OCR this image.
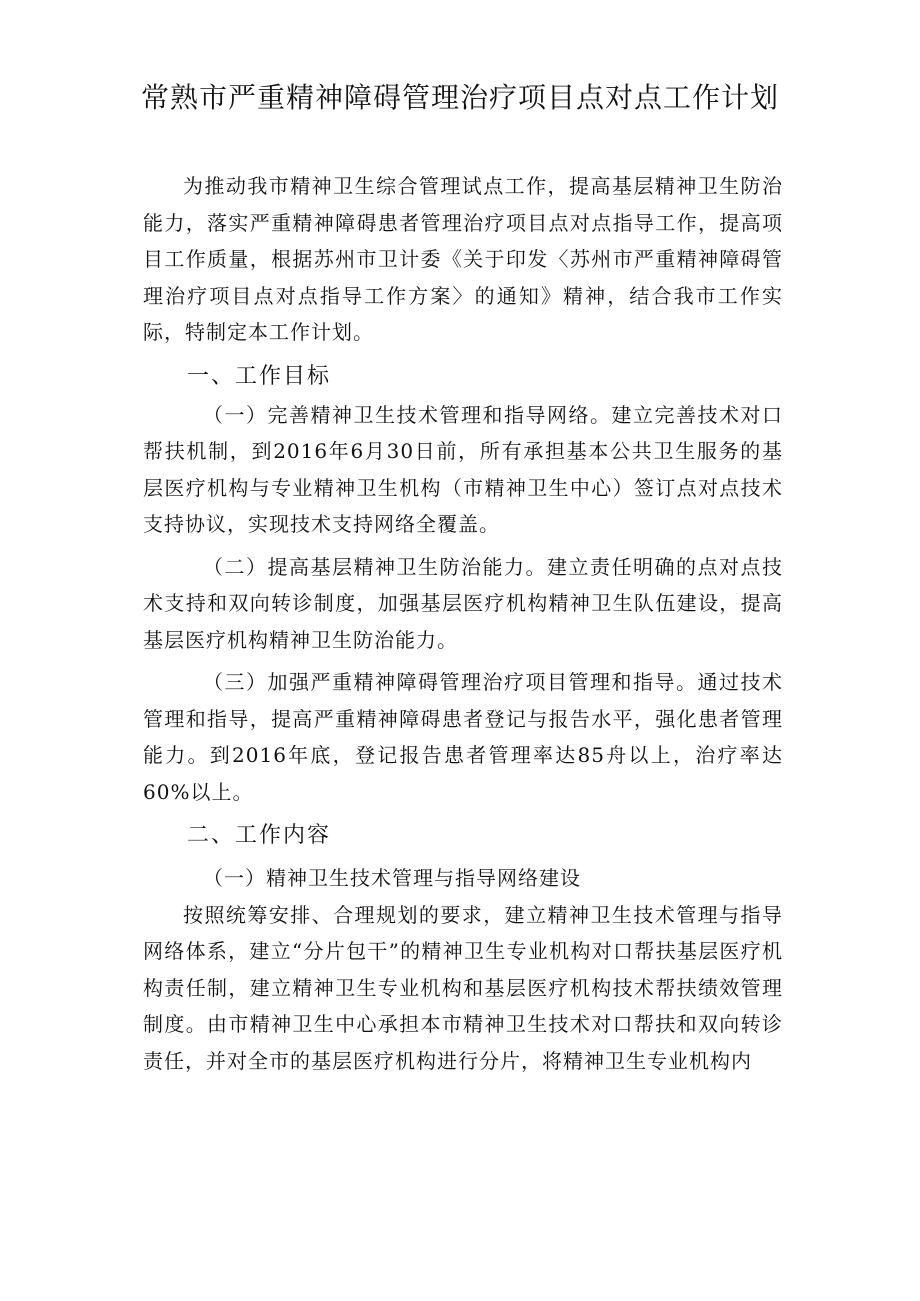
常熟市严重精神障碍管理治疗项目点对点工作计划

为推动我市精神卫生综合管理试点工作，提高基层精神卫生防治能力，落实严重精神障碍患者管理治疗项目点对点指导工作，提高项目工作质量，根据苏州市卫计委《关于印发〈苏州市严重精神障碍管理治疗项目点对点指导工作方案〉的通知》精神，结合我市工作实际，特制定本工作计划。

一、工作目标

（一）完善精神卫生技术管理和指导网络。建立完善技术对口帮扶机制，到2016年6月30日前，所有承担基本公共卫生服务的基层医疗机构与专业精神卫生机构（市精神卫生中心）签订点对点技术支持协议，实现技术支持网络全覆盖。

（二）提高基层精神卫生防治能力。建立责任明确的点对点技术支持和双向转诊制度，加强基层医疗机构精神卫生队伍建设，提高基层医疗机构精神卫生防治能力。

（三）加强严重精神障碍管理治疗项目管理和指导。通过技术管理和指导，提高严重精神障碍患者登记与报告水平，强化患者管理能力。到2016年底，登记报告患者管理率达85舟以上，治疗率达60%以上。

二、工作内容

（一）精神卫生技术管理与指导网络建设

按照统筹安排、合理规划的要求，建立精神卫生技术管理与指导网络体系，建立“分片包干”的精神卫生专业机构对口帮扶基层医疗机构责任制，建立精神卫生专业机构和基层医疗机构技术帮扶绩效管理制度。由市精神卫生中心承担本市精神卫生技术对口帮扶和双向转诊责任，并对全市的基层医疗机构进行分片，将精神卫生专业机构内
